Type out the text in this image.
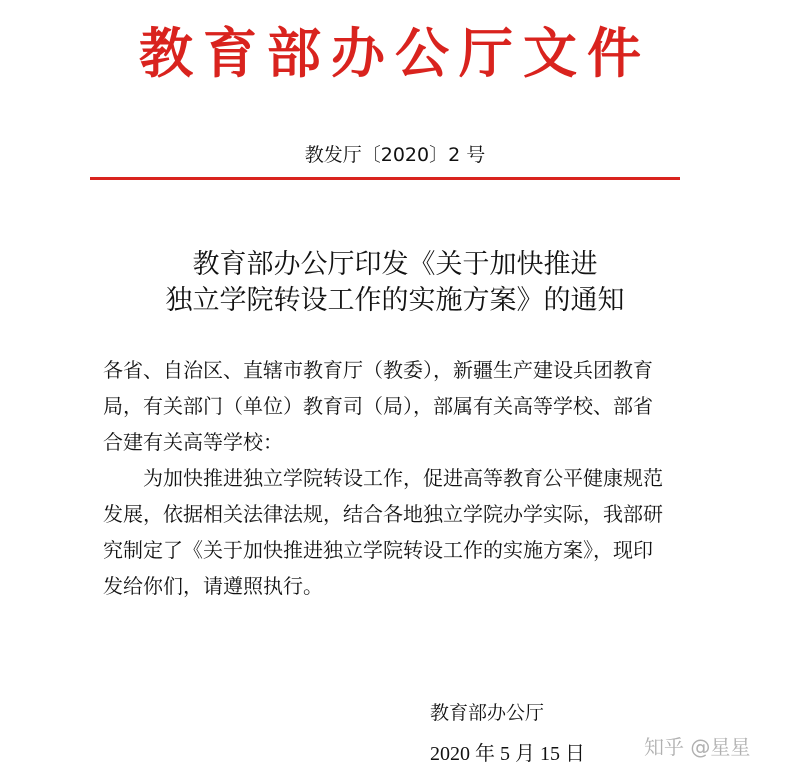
教育部办公厅文件
教发厅〔2020〕2 号
教育部办公厅印发《关于加快推进
独立学院转设工作的实施方案》的通知
各省、自治区、直辖市教育厅（教委），新疆生产建设兵团教育
局，有关部门（单位）教育司（局），部属有关高等学校、部省
合建有关高等学校：
　　为加快推进独立学院转设工作，促进高等教育公平健康规范
发展，依据相关法律法规，结合各地独立学院办学实际，我部研
究制定了《关于加快推进独立学院转设工作的实施方案》，现印
发给你们，请遵照执行。
教育部办公厅
2020 年 5 月 15 日	知乎 @星星
